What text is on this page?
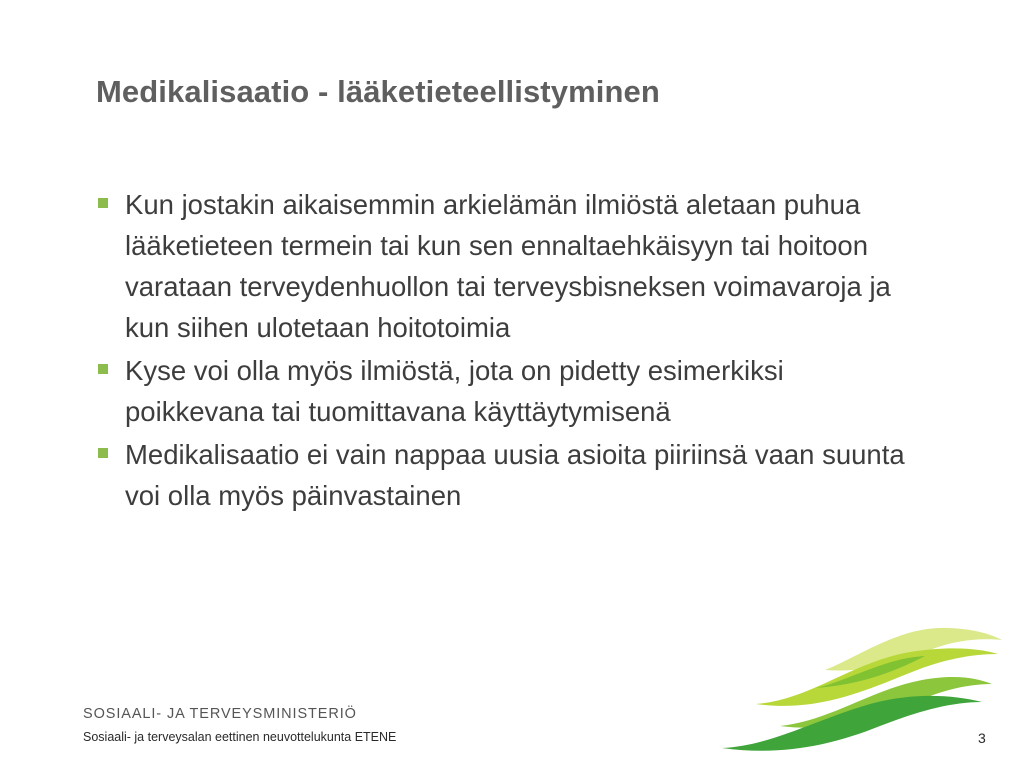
Medikalisaatio - lääketieteellistyminen
Kun jostakin aikaisemmin arkielämän ilmiöstä aletaan puhua lääketieteen termein tai kun sen ennaltaehkäisyyn tai hoitoon varataan terveydenhuollon tai terveysbisneksen voimavaroja ja kun siihen ulotetaan hoitotoimia
Kyse voi olla myös ilmiöstä, jota on pidetty esimerkiksi poikkevana tai tuomittavana käyttäytymisenä
Medikalisaatio ei vain nappaa uusia asioita piiriinsä vaan suunta voi olla myös päinvastainen
SOSIAALI- JA TERVEYSMINISTERIÖ
Sosiaali- ja terveysalan eettinen neuvottelukunta ETENE	3
